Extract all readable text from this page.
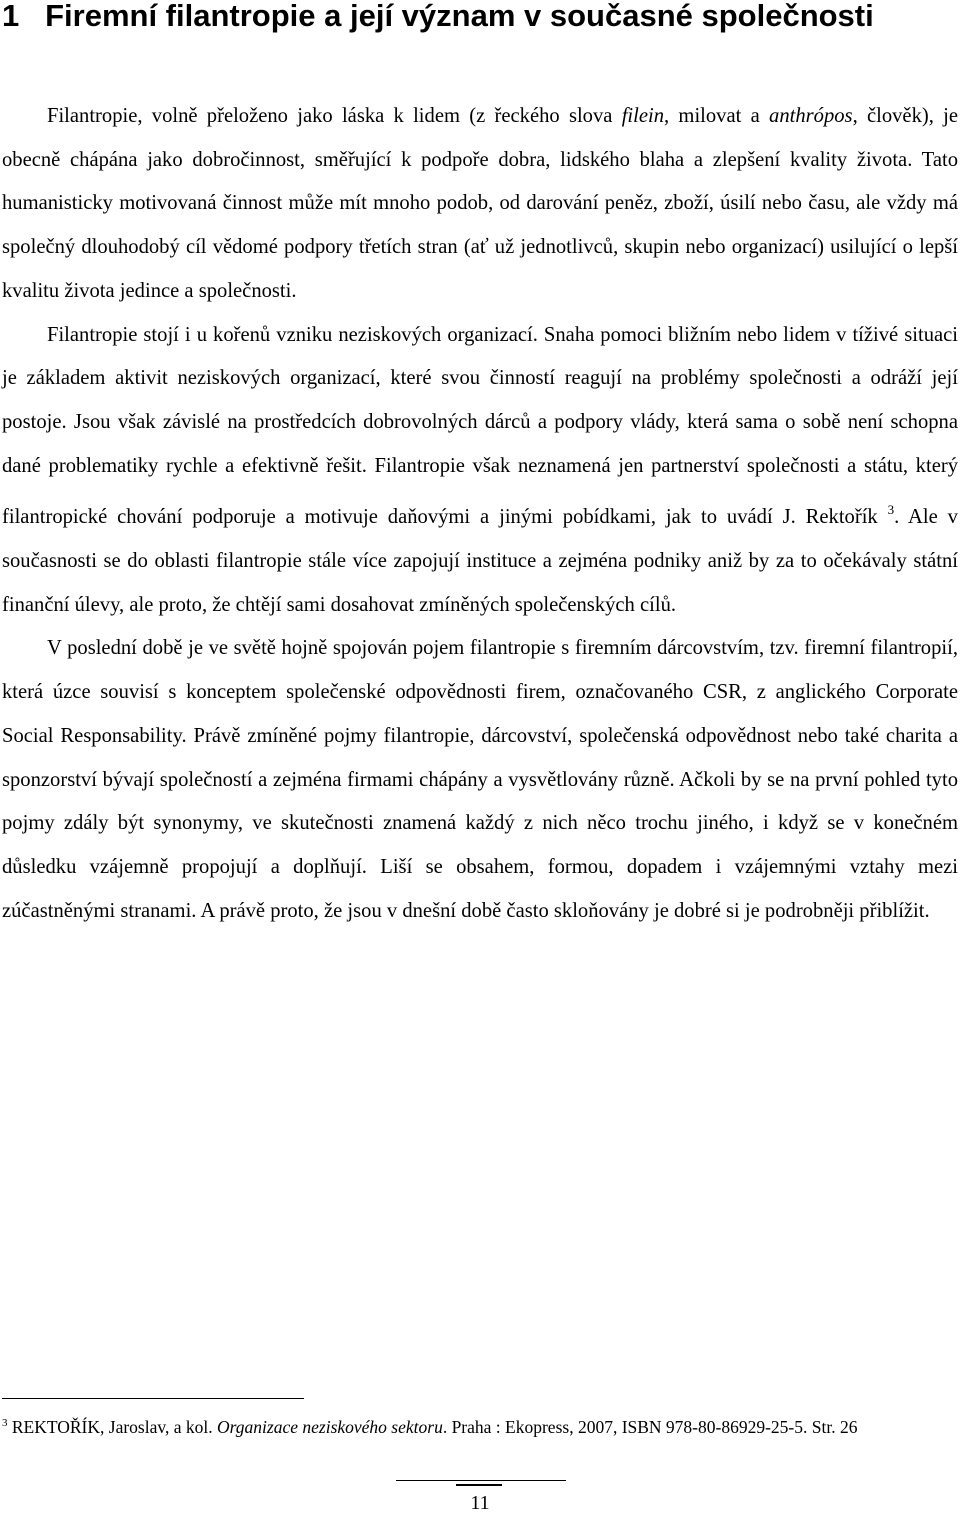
1 Firemní filantropie a její význam v současné společnosti

Filantropie, volně přeloženo jako láska k lidem (z řeckého slova filein, milovat a anthrópos, člověk), je obecně chápána jako dobročinnost, směřující k podpoře dobra, lidského blaha a zlepšení kvality života. Tato humanisticky motivovaná činnost může mít mnoho podob, od darování peněz, zboží, úsilí nebo času, ale vždy má společný dlouhodobý cíl vědomé podpory třetích stran (ať už jednotlivců, skupin nebo organizací) usilující o lepší kvalitu života jedince a společnosti.

Filantropie stojí i u kořenů vzniku neziskových organizací. Snaha pomoci bližním nebo lidem v tíživé situaci je základem aktivit neziskových organizací, které svou činností reagují na problémy společnosti a odráží její postoje. Jsou však závislé na prostředcích dobrovolných dárců a podpory vlády, která sama o sobě není schopna dané problematiky rychle a efektivně řešit. Filantropie však neznamená jen partnerství společnosti a státu, který filantropické chování podporuje a motivuje daňovými a jinými pobídkami, jak to uvádí J. Rektořík $^3$. Ale v současnosti se do oblasti filantropie stále více zapojují instituce a zejména podniky aniž by za to očekávaly státní finanční úlevy, ale proto, že chtějí sami dosahovat zmíněných společenských cílů.

V poslední době je ve světě hojně spojován pojem filantropie s firemním dárcovstvím, tzv. firemní filantropií, která úzce souvisí s konceptem společenské odpovědnosti firem, označovaného CSR, z anglického Corporate Social Responsability. Právě zmíněné pojmy filantropie, dárcovství, společenská odpovědnost nebo také charita a sponzorství bývají společností a zejména firmami chápány a vysvětlovány různě. Ačkoli by se na první pohled tyto pojmy zdály být synonymy, ve skutečnosti znamená každý z nich něco trochu jiného, i když se v konečném důsledku vzájemně propojují a doplňují. Liší se obsahem, formou, dopadem i vzájemnými vztahy mezi zúčastněnými stranami. A právě proto, že jsou v dnešní době často skloňovány je dobré si je podrobněji přiblížit.

$^3$ REKTOŘÍK, Jaroslav, a kol. Organizace neziskového sektoru. Praha : Ekopress, 2007, ISBN 978-80-86929-25-5. Str. 26

11
